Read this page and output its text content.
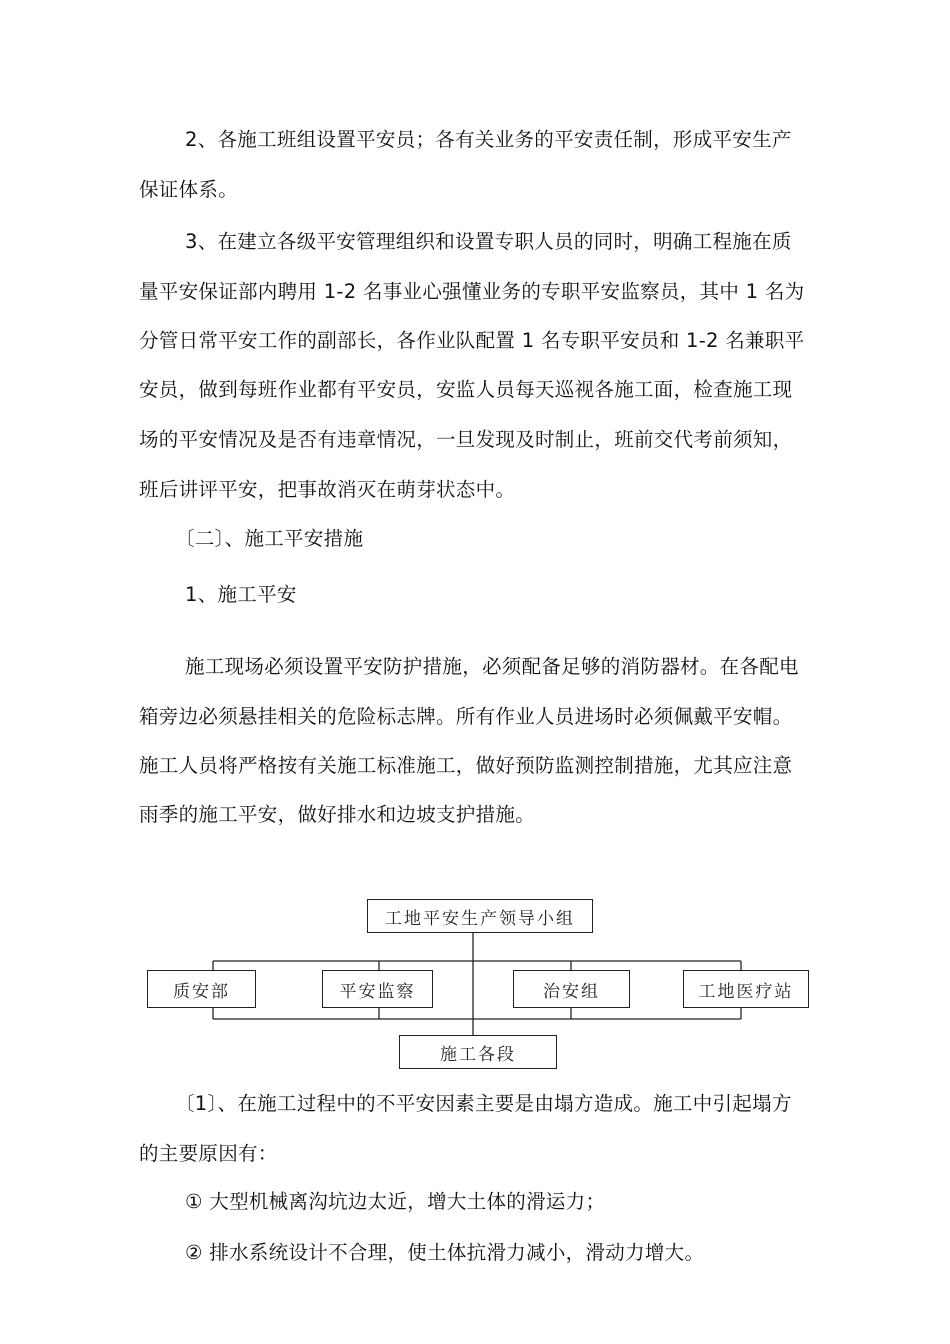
2、各施工班组设置平安员；各有关业务的平安责任制，形成平安生产
保证体系。
3、在建立各级平安管理组织和设置专职人员的同时，明确工程施在质
量平安保证部内聘用 1-2 名事业心强懂业务的专职平安监察员，其中 1 名为
分管日常平安工作的副部长，各作业队配置 1 名专职平安员和 1-2 名兼职平
安员，做到每班作业都有平安员，安监人员每天巡视各施工面，检查施工现
场的平安情况及是否有违章情况，一旦发现及时制止，班前交代考前须知，
班后讲评平安，把事故消灭在萌芽状态中。
〔二〕、施工平安措施
1、施工平安
施工现场必须设置平安防护措施，必须配备足够的消防器材。在各配电
箱旁边必须悬挂相关的危险标志牌。所有作业人员进场时必须佩戴平安帽。
施工人员将严格按有关施工标准施工，做好预防监测控制措施，尤其应注意
雨季的施工平安，做好排水和边坡支护措施。
工地平安生产领导小组
质安部	平安监察	治安组	工地医疗站
施工各段
〔1〕、在施工过程中的不平安因素主要是由塌方造成。施工中引起塌方
的主要原因有：
① 大型机械离沟坑边太近，增大土体的滑运力；
② 排水系统设计不合理，使土体抗滑力减小，滑动力增大。
